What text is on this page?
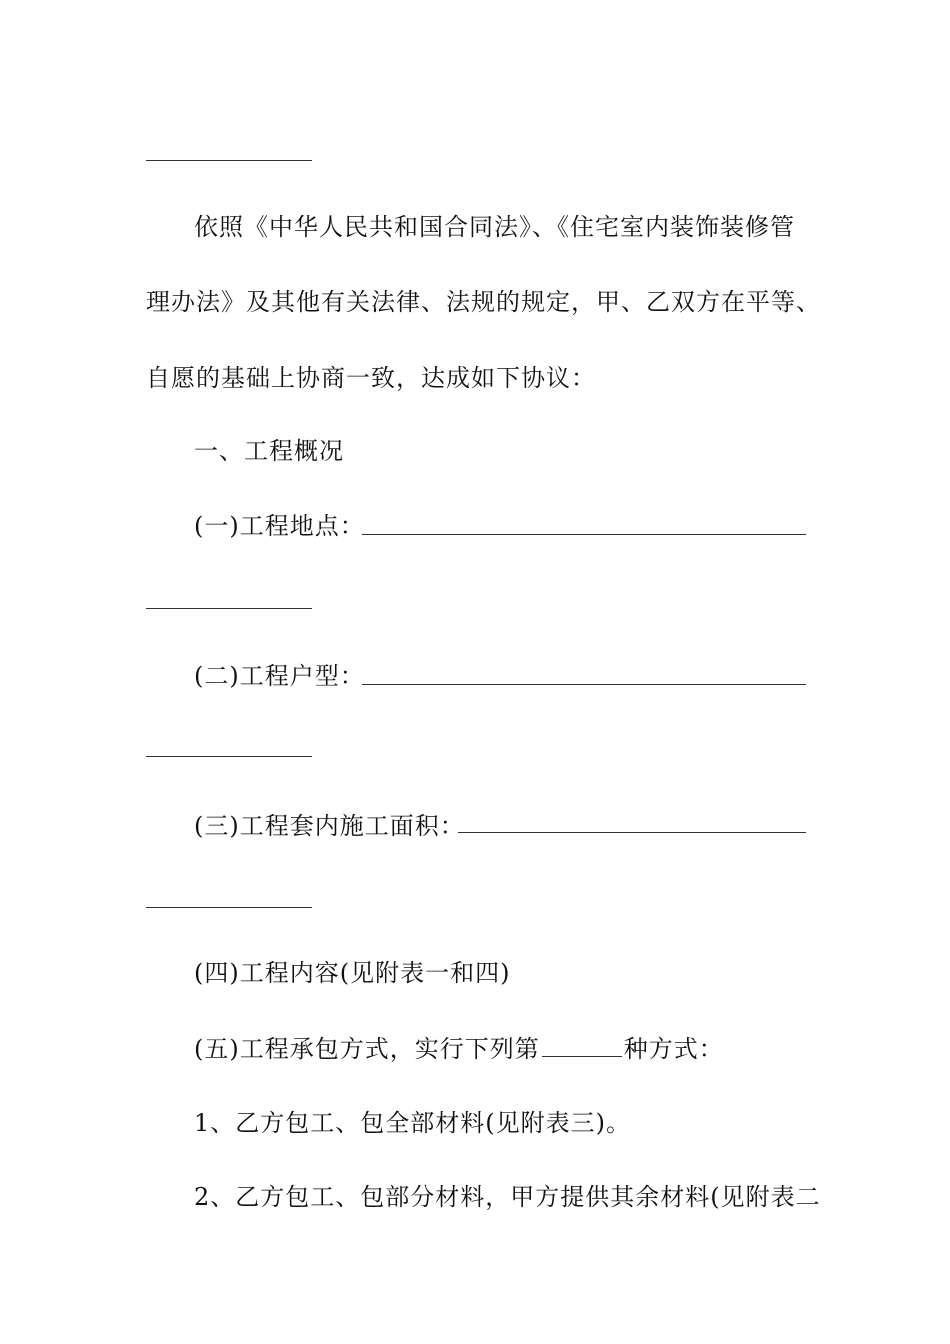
依照《中华人民共和国合同法》、《住宅室内装饰装修管
理办法》及其他有关法律、法规的规定，甲、乙双方在平等、
自愿的基础上协商一致，达成如下协议：
一、工程概况
(一)工程地点：
(二)工程户型：
(三)工程套内施工面积：
(四)工程内容(见附表一和四)
(五)工程承包方式，实行下列第	种方式：
1、乙方包工、包全部材料(见附表三)。
2、乙方包工、包部分材料，甲方提供其余材料(见附表二
